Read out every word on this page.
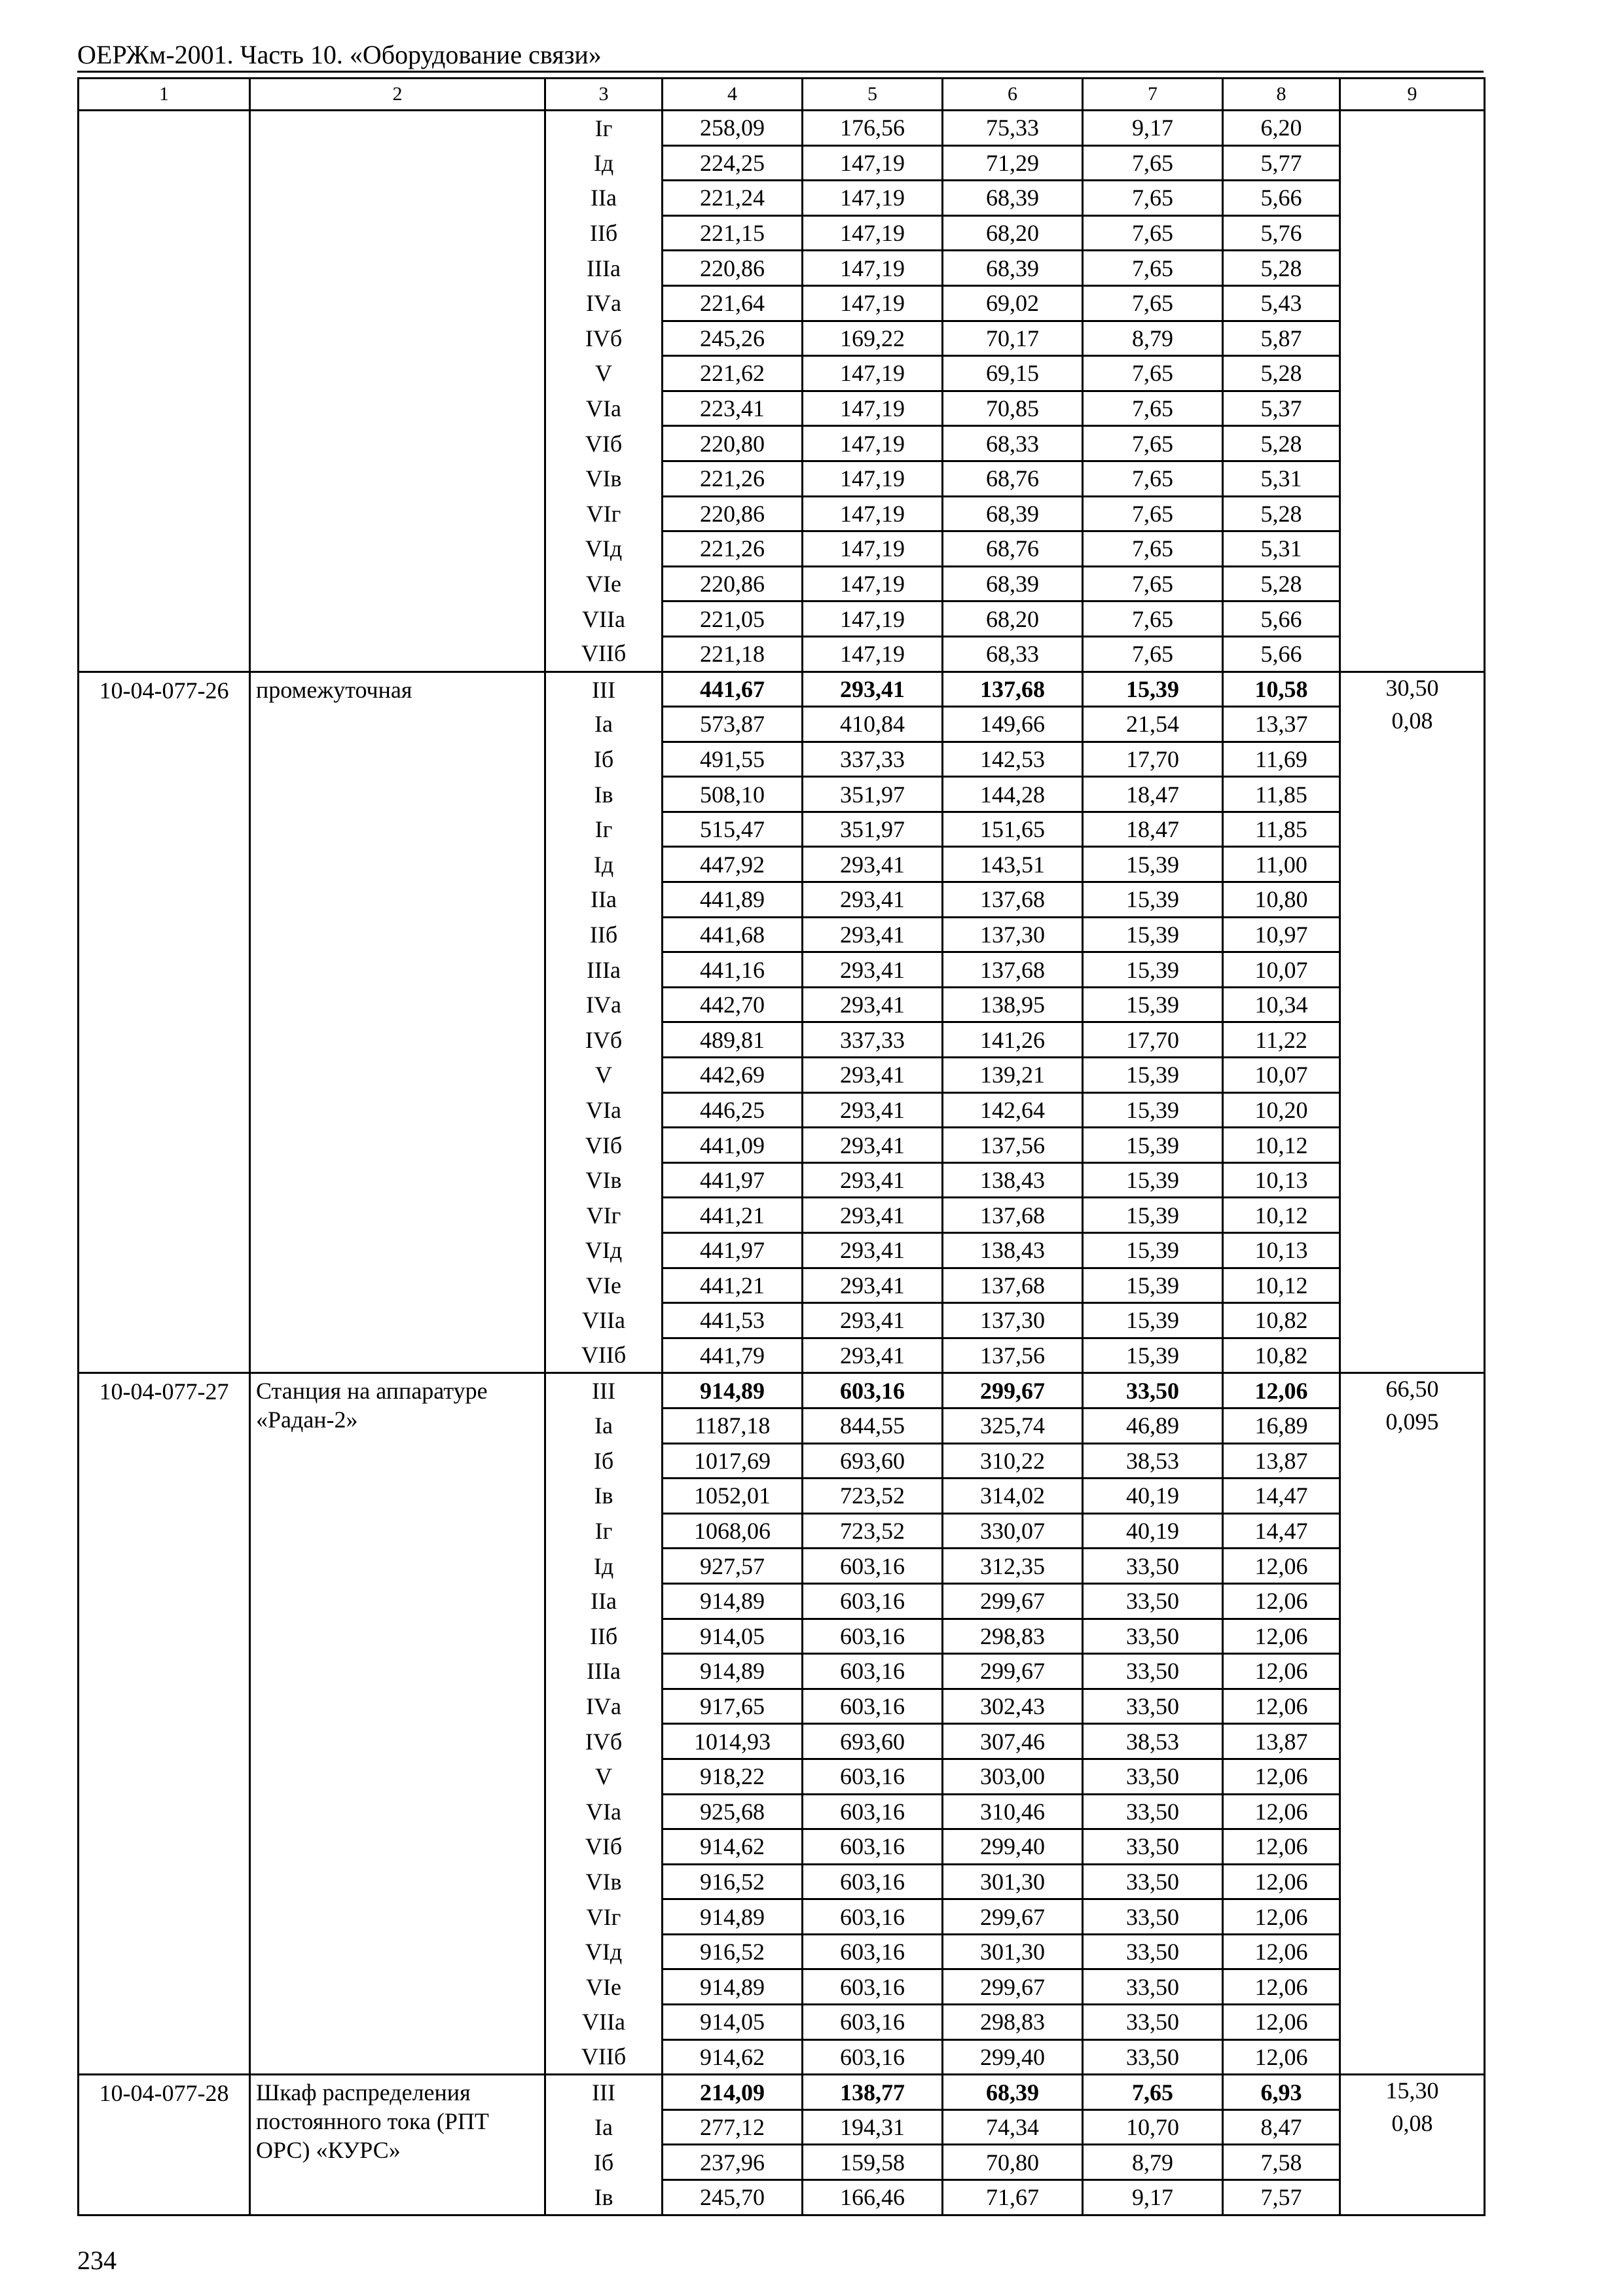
ОЕРЖм-2001. Часть 10. «Оборудование связи»
1	2	3	4	5	6	7	8	9
		Iг	258,09	176,56	75,33	9,17	6,20	
		Iд	224,25	147,19	71,29	7,65	5,77	
		IIа	221,24	147,19	68,39	7,65	5,66	
		IIб	221,15	147,19	68,20	7,65	5,76	
		IIIа	220,86	147,19	68,39	7,65	5,28	
		IVа	221,64	147,19	69,02	7,65	5,43	
		IVб	245,26	169,22	70,17	8,79	5,87	
		V	221,62	147,19	69,15	7,65	5,28	
		VIа	223,41	147,19	70,85	7,65	5,37	
		VIб	220,80	147,19	68,33	7,65	5,28	
		VIв	221,26	147,19	68,76	7,65	5,31	
		VIг	220,86	147,19	68,39	7,65	5,28	
		VIд	221,26	147,19	68,76	7,65	5,31	
		VIе	220,86	147,19	68,39	7,65	5,28	
		VIIа	221,05	147,19	68,20	7,65	5,66	
		VIIб	221,18	147,19	68,33	7,65	5,66	
10-04-077-26	промежуточная	III	441,67	293,41	137,68	15,39	10,58	30,50
0,08

		Iа	573,87	410,84	149,66	21,54	13,37	
		Iб	491,55	337,33	142,53	17,70	11,69	
		Iв	508,10	351,97	144,28	18,47	11,85	
		Iг	515,47	351,97	151,65	18,47	11,85	
		Iд	447,92	293,41	143,51	15,39	11,00	
		IIа	441,89	293,41	137,68	15,39	10,80	
		IIб	441,68	293,41	137,30	15,39	10,97	
		IIIа	441,16	293,41	137,68	15,39	10,07	
		IVа	442,70	293,41	138,95	15,39	10,34	
		IVб	489,81	337,33	141,26	17,70	11,22	
		V	442,69	293,41	139,21	15,39	10,07	
		VIа	446,25	293,41	142,64	15,39	10,20	
		VIб	441,09	293,41	137,56	15,39	10,12	
		VIв	441,97	293,41	138,43	15,39	10,13	
		VIг	441,21	293,41	137,68	15,39	10,12	
		VIд	441,97	293,41	138,43	15,39	10,13	
		VIе	441,21	293,41	137,68	15,39	10,12	
		VIIа	441,53	293,41	137,30	15,39	10,82	
		VIIб	441,79	293,41	137,56	15,39	10,82	
10-04-077-27	Станция на аппаратуре «Радан-2»	III	914,89	603,16	299,67	33,50	12,06	66,50
0,095

		Iа	1187,18	844,55	325,74	46,89	16,89	
		Iб	1017,69	693,60	310,22	38,53	13,87	
		Iв	1052,01	723,52	314,02	40,19	14,47	
		Iг	1068,06	723,52	330,07	40,19	14,47	
		Iд	927,57	603,16	312,35	33,50	12,06	
		IIа	914,89	603,16	299,67	33,50	12,06	
		IIб	914,05	603,16	298,83	33,50	12,06	
		IIIа	914,89	603,16	299,67	33,50	12,06	
		IVа	917,65	603,16	302,43	33,50	12,06	
		IVб	1014,93	693,60	307,46	38,53	13,87	
		V	918,22	603,16	303,00	33,50	12,06	
		VIа	925,68	603,16	310,46	33,50	12,06	
		VIб	914,62	603,16	299,40	33,50	12,06	
		VIв	916,52	603,16	301,30	33,50	12,06	
		VIг	914,89	603,16	299,67	33,50	12,06	
		VIд	916,52	603,16	301,30	33,50	12,06	
		VIе	914,89	603,16	299,67	33,50	12,06	
		VIIа	914,05	603,16	298,83	33,50	12,06	
		VIIб	914,62	603,16	299,40	33,50	12,06	
10-04-077-28	Шкаф распределения постоянного тока (РПТ ОРС) «КУРС»	III	214,09	138,77	68,39	7,65	6,93	15,30
0,08

		Iа	277,12	194,31	74,34	10,70	8,47	
		Iб	237,96	159,58	70,80	8,79	7,58	
		Iв	245,70	166,46	71,67	9,17	7,57	
234
